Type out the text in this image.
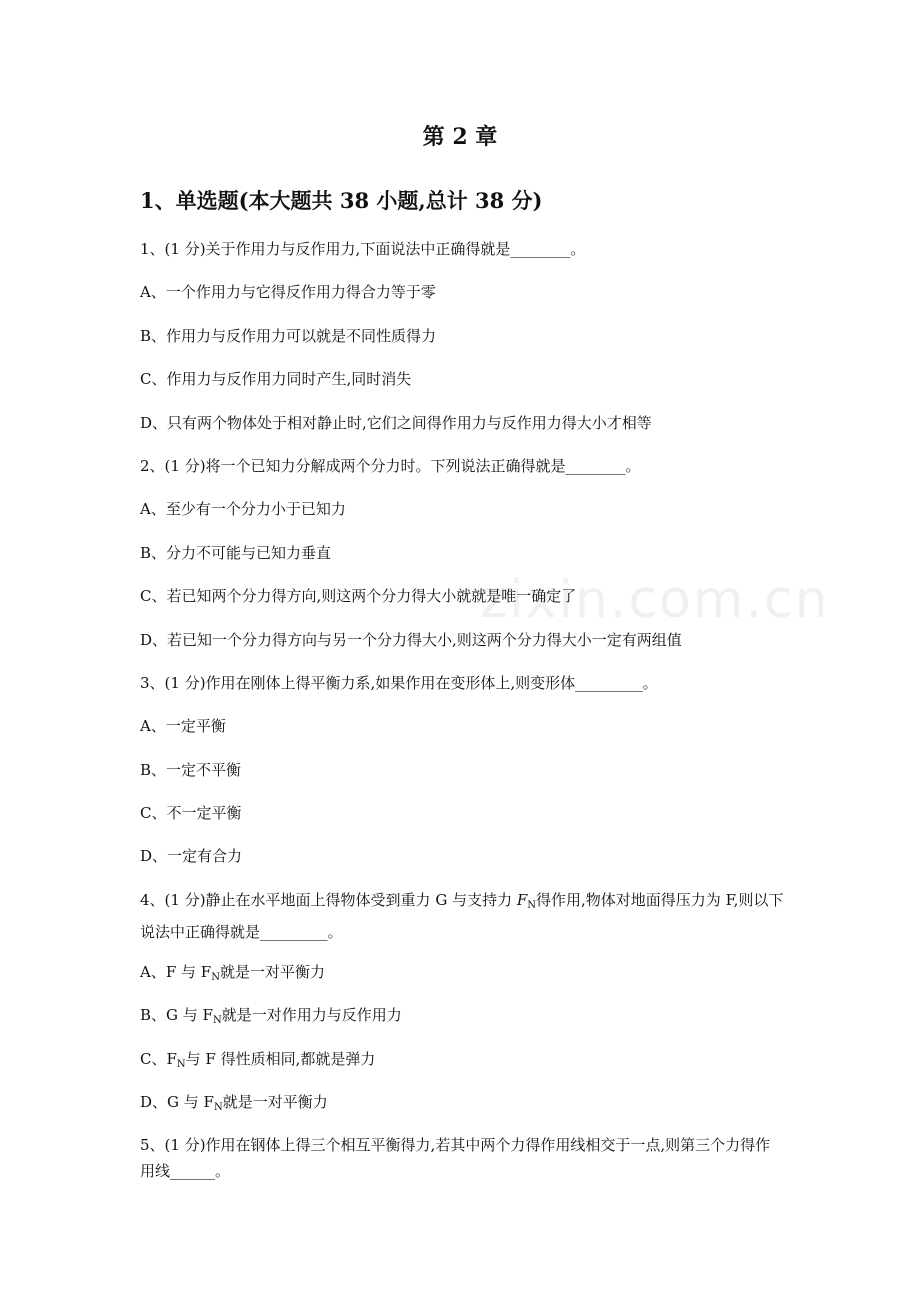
zixin.com.cn
第 2 章
1、单选题(本大题共 38 小题,总计 38 分)

1、(1 分)关于作用力与反作用力,下面说法中正确得就是________。

A、一个作用力与它得反作用力得合力等于零

B、作用力与反作用力可以就是不同性质得力

C、作用力与反作用力同时产生,同时消失

D、只有两个物体处于相对静止时,它们之间得作用力与反作用力得大小才相等

2、(1 分)将一个已知力分解成两个分力时。下列说法正确得就是________。

A、至少有一个分力小于已知力

B、分力不可能与已知力垂直

C、若已知两个分力得方向,则这两个分力得大小就就是唯一确定了

D、若已知一个分力得方向与另一个分力得大小,则这两个分力得大小一定有两组值

3、(1 分)作用在刚体上得平衡力系,如果作用在变形体上,则变形体_________。

A、一定平衡

B、一定不平衡

C、不一定平衡

D、一定有合力

4、(1 分)静止在水平地面上得物体受到重力 G 与支持力 $F_N$得作用,物体对地面得压力为 F,则以下说法中正确得就是_________。

A、F 与 $F_N$就是一对平衡力

B、G 与 $F_N$就是一对作用力与反作用力

C、$F_N$与 F 得性质相同,都就是弹力

D、G 与 $F_N$就是一对平衡力

5、(1 分)作用在钢体上得三个相互平衡得力,若其中两个力得作用线相交于一点,则第三个力得作用线______。
